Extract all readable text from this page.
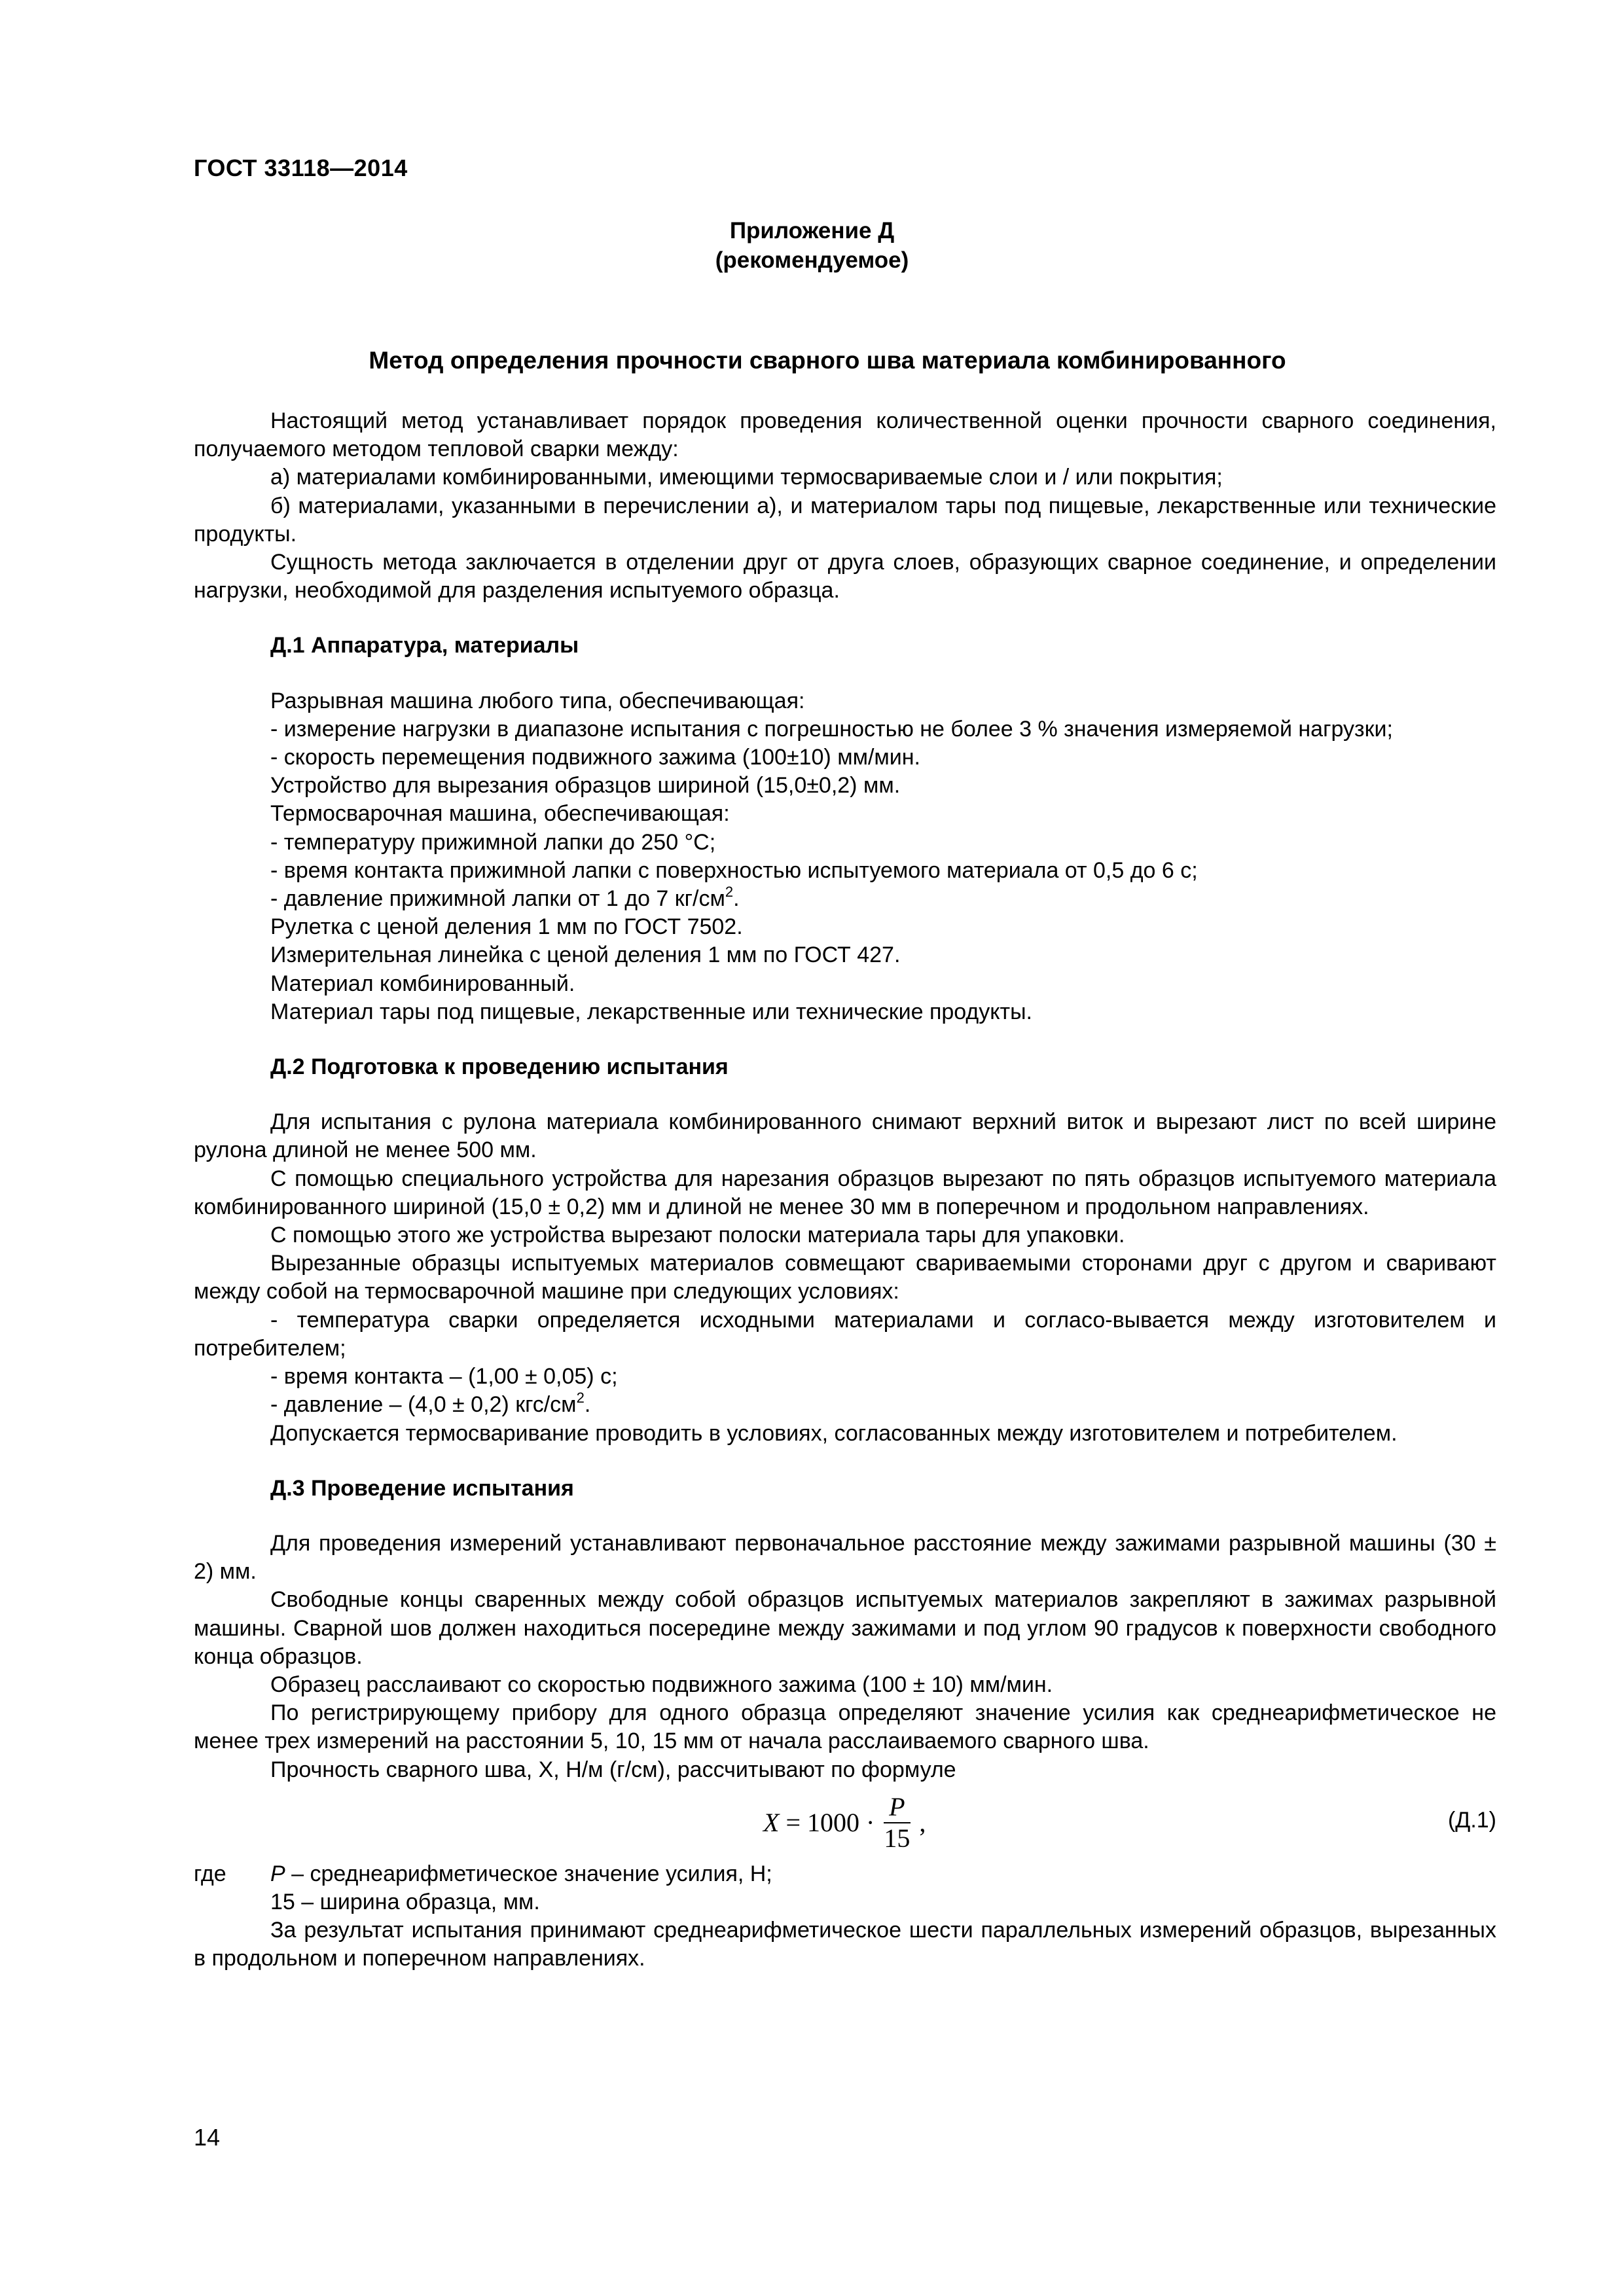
ГОСТ 33118—2014
Приложение Д
(рекомендуемое)
Метод определения прочности сварного шва материала комбинированного

Настоящий метод устанавливает порядок проведения количественной оценки прочности сварного соединения, получаемого методом тепловой сварки между:

а) материалами комбинированными, имеющими термосвариваемые слои и / или покрытия;

б) материалами, указанными в перечислении а), и материалом тары под пищевые, лекарственные или технические продукты.

Сущность метода заключается в отделении друг от друга слоев, образующих сварное соединение, и определении нагрузки, необходимой для разделения испытуемого образца.

Д.1 Аппаратура, материалы

Разрывная машина любого типа, обеспечивающая:

- измерение нагрузки в диапазоне испытания с погрешностью не более 3 % значения измеряемой нагрузки;

- скорость перемещения подвижного зажима (100±10) мм/мин.

Устройство для вырезания образцов шириной (15,0±0,2) мм.

Термосварочная машина, обеспечивающая:

- температуру прижимной лапки до 250 °С;

- время контакта прижимной лапки с поверхностью испытуемого материала от 0,5 до 6 с;

- давление прижимной лапки от 1 до 7 $кг/см^2$.

Рулетка с ценой деления 1 мм по ГОСТ 7502.

Измерительная линейка с ценой деления 1 мм по ГОСТ 427.

Материал комбинированный.

Материал тары под пищевые, лекарственные или технические продукты.

Д.2 Подготовка к проведению испытания

Для испытания с рулона материала комбинированного снимают верхний виток и вырезают лист по всей ширине рулона длиной не менее 500 мм.

С помощью специального устройства для нарезания образцов вырезают по пять образцов испытуемого материала комбинированного шириной (15,0 ± 0,2) мм и длиной не менее 30 мм в поперечном и продольном направлениях.

С помощью этого же устройства вырезают полоски материала тары для упаковки.

Вырезанные образцы испытуемых материалов совмещают свариваемыми сторонами друг с другом и сваривают между собой на термосварочной машине при следующих условиях:

- температура сварки определяется исходными материалами и согласо-вывается между изготовителем и потребителем;

- время контакта – (1,00 ± 0,05) с;

- давление – (4,0 ± 0,2) кгс/$см^2$.

Допускается термосваривание проводить в условиях, согласованных между изготовителем и потребителем.

Д.3 Проведение испытания

Для проведения измерений устанавливают первоначальное расстояние между зажимами разрывной машины (30 ± 2) мм.

Свободные концы сваренных между собой образцов испытуемых материалов закрепляют в зажимах разрывной машины. Сварной шов должен находиться посередине между зажимами и под углом 90 градусов к поверхности свободного конца образцов.

Образец расслаивают со скоростью подвижного зажима (100 ± 10) мм/мин.

По регистрирующему прибору для одного образца определяют значение усилия как среднеарифметическое не менее трех измерений на расстоянии 5, 10, 15 мм от начала расслаиваемого сварного шва.

Прочность сварного шва, X, Н/м (г/см), рассчитывают по формуле

$X = 1000 \cdot \frac{P}{15}$ ,	(Д.1)
где	P – среднеарифметическое значение усилия, Н;

15 – ширина образца, мм.

За результат испытания принимают среднеарифметическое шести параллельных измерений образцов, вырезанных в продольном и поперечном направлениях.

14
